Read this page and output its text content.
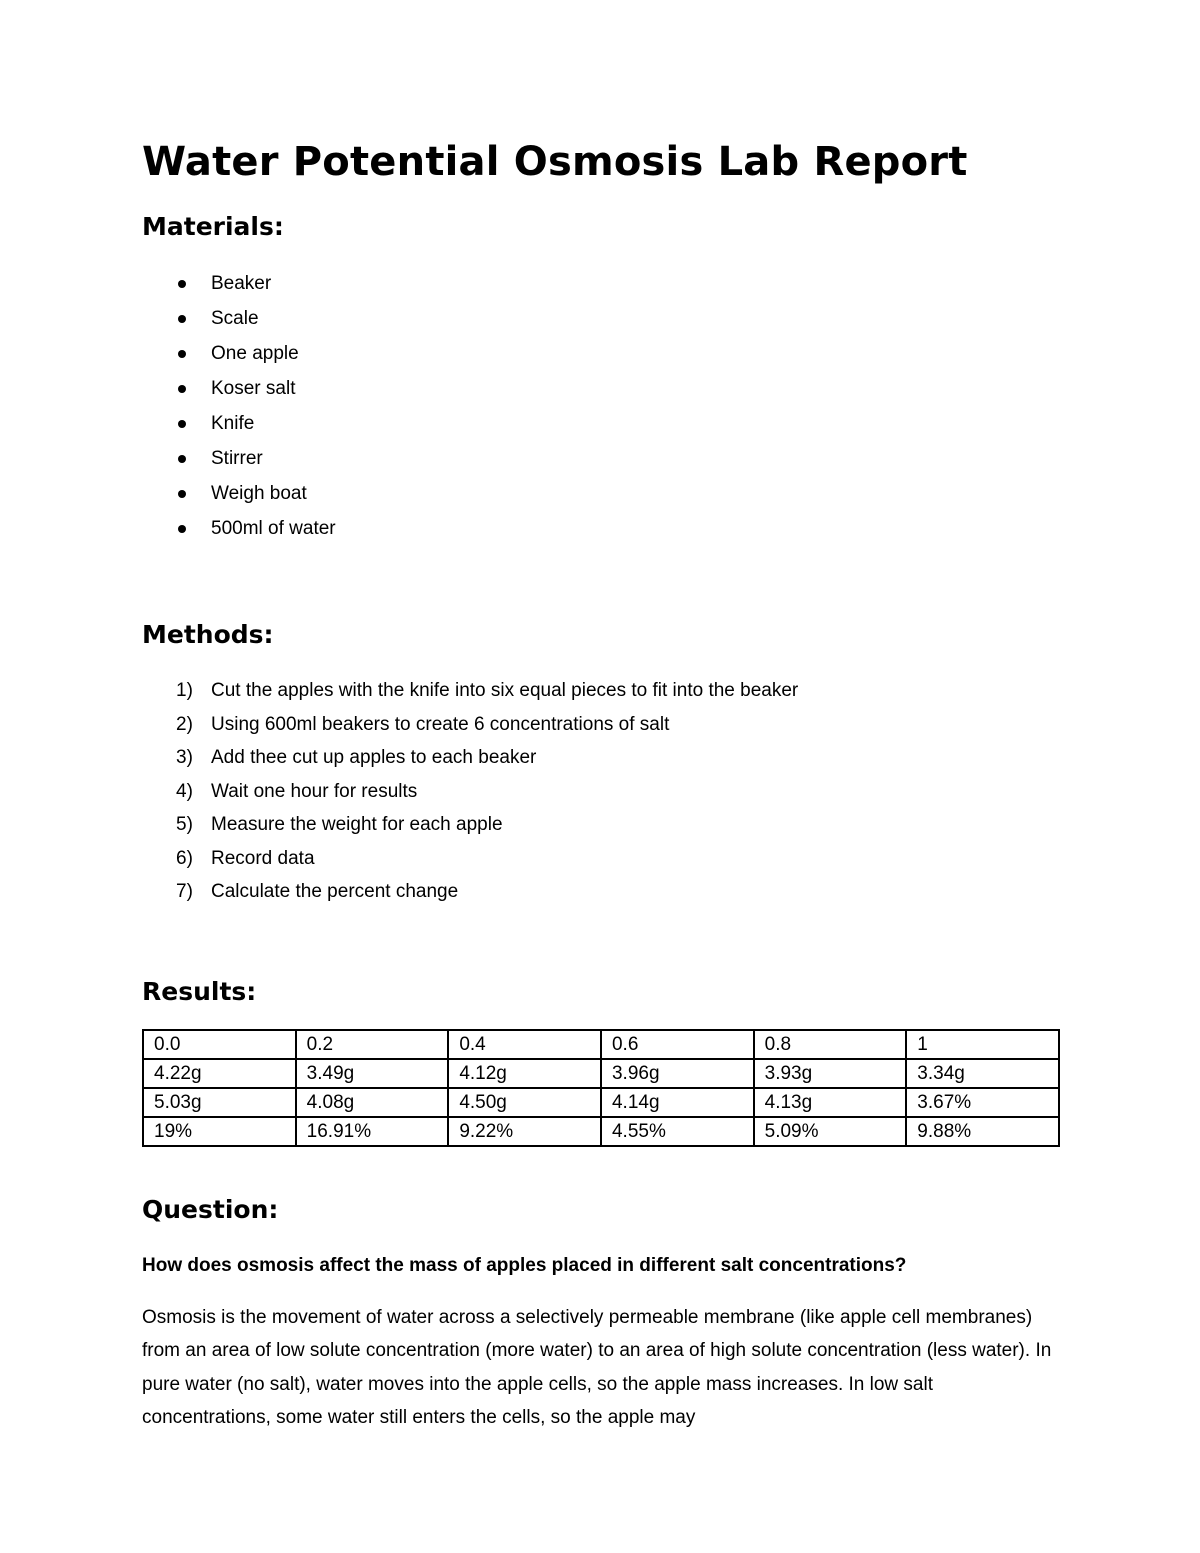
Water Potential Osmosis Lab Report
Materials:
Beaker
Scale
One apple
Koser salt
Knife
Stirrer
Weigh boat
500ml of water
Methods:
1) Cut the apples with the knife into six equal pieces to fit into the beaker
2) Using 600ml beakers to create 6 concentrations of salt
3) Add thee cut up apples to each beaker
4) Wait one hour for results
5) Measure the weight for each apple
6) Record data
7) Calculate the percent change
Results:
0.0	0.2	0.4	0.6	0.8	1
4.22g	3.49g	4.12g	3.96g	3.93g	3.34g
5.03g	4.08g	4.50g	4.14g	4.13g	3.67%
19%	16.91%	9.22%	4.55%	5.09%	9.88%
Question:
How does osmosis affect the mass of apples placed in different salt concentrations?

Osmosis is the movement of water across a selectively permeable membrane (like apple cell membranes) from an area of low solute concentration (more water) to an area of high solute concentration (less water). In pure water (no salt), water moves into the apple cells, so the apple mass increases. In low salt concentrations, some water still enters the cells, so the apple may
